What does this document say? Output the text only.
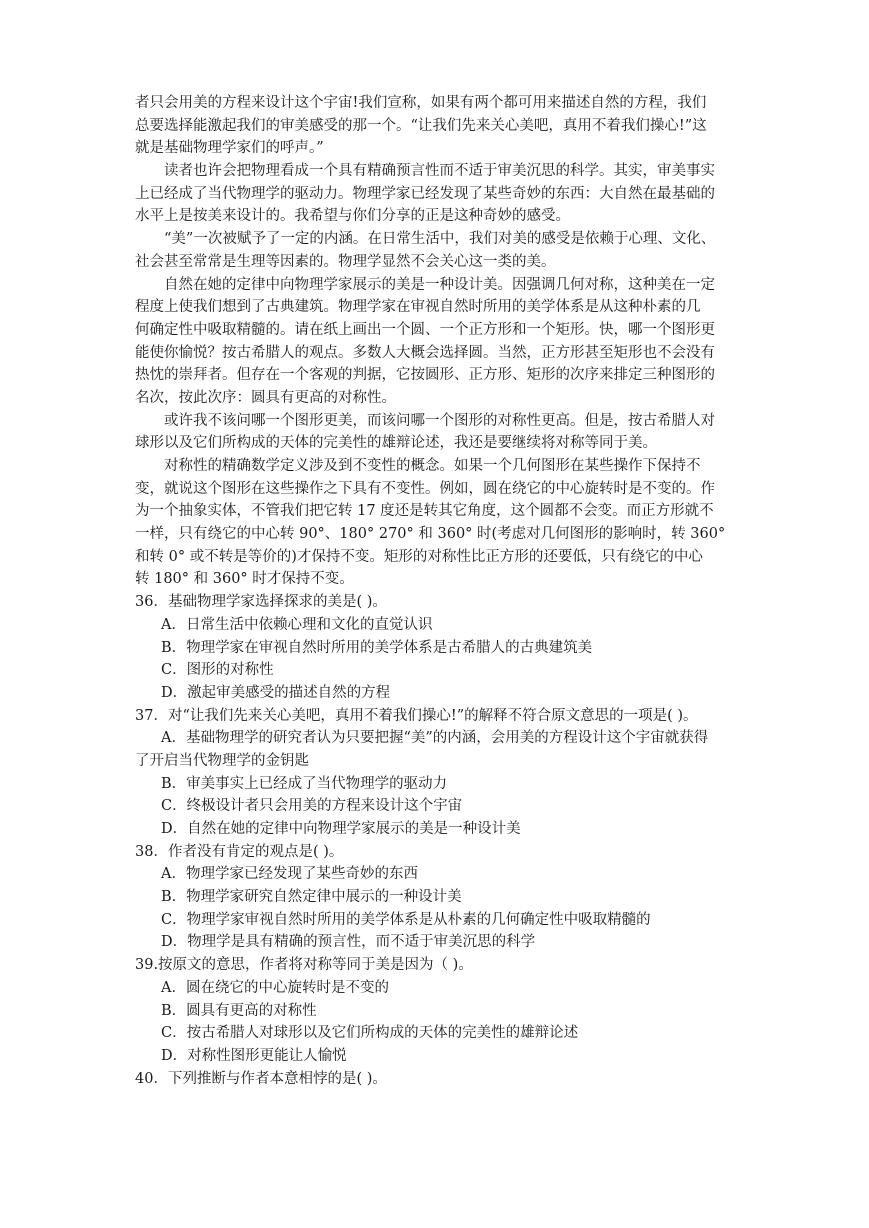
者只会用美的方程来设计这个宇宙!我们宣称，如果有两个都可用来描述自然的方程，我们
总要选择能激起我们的审美感受的那一个。“让我们先来关心美吧，真用不着我们操心!”这
就是基础物理学家们的呼声。”
读者也许会把物理看成一个具有精确预言性而不适于审美沉思的科学。其实，审美事实
上已经成了当代物理学的驱动力。物理学家已经发现了某些奇妙的东西：大自然在最基础的
水平上是按美来设计的。我希望与你们分享的正是这种奇妙的感受。
“美”一次被赋予了一定的内涵。在日常生活中，我们对美的感受是依赖于心理、文化、
社会甚至常常是生理等因素的。物理学显然不会关心这一类的美。
自然在她的定律中向物理学家展示的美是一种设计美。因强调几何对称，这种美在一定
程度上使我们想到了古典建筑。物理学家在审视自然时所用的美学体系是从这种朴素的几
何确定性中吸取精髓的。请在纸上画出一个圆、一个正方形和一个矩形。快，哪一个图形更
能使你愉悦？按古希腊人的观点。多数人大概会选择圆。当然，正方形甚至矩形也不会没有
热忱的崇拜者。但存在一个客观的判据，它按圆形、正方形、矩形的次序来排定三种图形的
名次，按此次序：圆具有更高的对称性。
或许我不该问哪一个图形更美，而该问哪一个图形的对称性更高。但是，按古希腊人对
球形以及它们所构成的天体的完美性的雄辩论述，我还是要继续将对称等同于美。
对称性的精确数学定义涉及到不变性的概念。如果一个几何图形在某些操作下保持不
变，就说这个图形在这些操作之下具有不变性。例如，圆在绕它的中心旋转时是不变的。作
为一个抽象实体，不管我们把它转 17 度还是转其它角度，这个圆都不会变。而正方形就不
一样，只有绕它的中心转 90°、180° 270° 和 360° 时(考虑对几何图形的影响时，转 360°
和转 0° 或不转是等价的)才保持不变。矩形的对称性比正方形的还要低，只有绕它的中心
转 180° 和 360° 时才保持不变。
36．基础物理学家选择探求的美是( )。
A．日常生活中依赖心理和文化的直觉认识
B．物理学家在审视自然时所用的美学体系是古希腊人的古典建筑美
C．图形的对称性
D．激起审美感受的描述自然的方程
37．对“让我们先来关心美吧，真用不着我们操心!”的解释不符合原文意思的一项是( )。
A．基础物理学的研究者认为只要把握“美”的内涵，会用美的方程设计这个宇宙就获得
了开启当代物理学的金钥匙
B．审美事实上已经成了当代物理学的驱动力
C．终极设计者只会用美的方程来设计这个宇宙
D．自然在她的定律中向物理学家展示的美是一种设计美
38．作者没有肯定的观点是( )。
A．物理学家已经发现了某些奇妙的东西
B．物理学家研究自然定律中展示的一种设计美
C．物理学家审视自然时所用的美学体系是从朴素的几何确定性中吸取精髓的
D．物理学是具有精确的预言性，而不适于审美沉思的科学
39.按原文的意思，作者将对称等同于美是因为（ )。
A．圆在绕它的中心旋转时是不变的
B．圆具有更高的对称性
C．按古希腊人对球形以及它们所构成的天体的完美性的雄辩论述
D．对称性图形更能让人愉悦
40．下列推断与作者本意相悖的是( )。
